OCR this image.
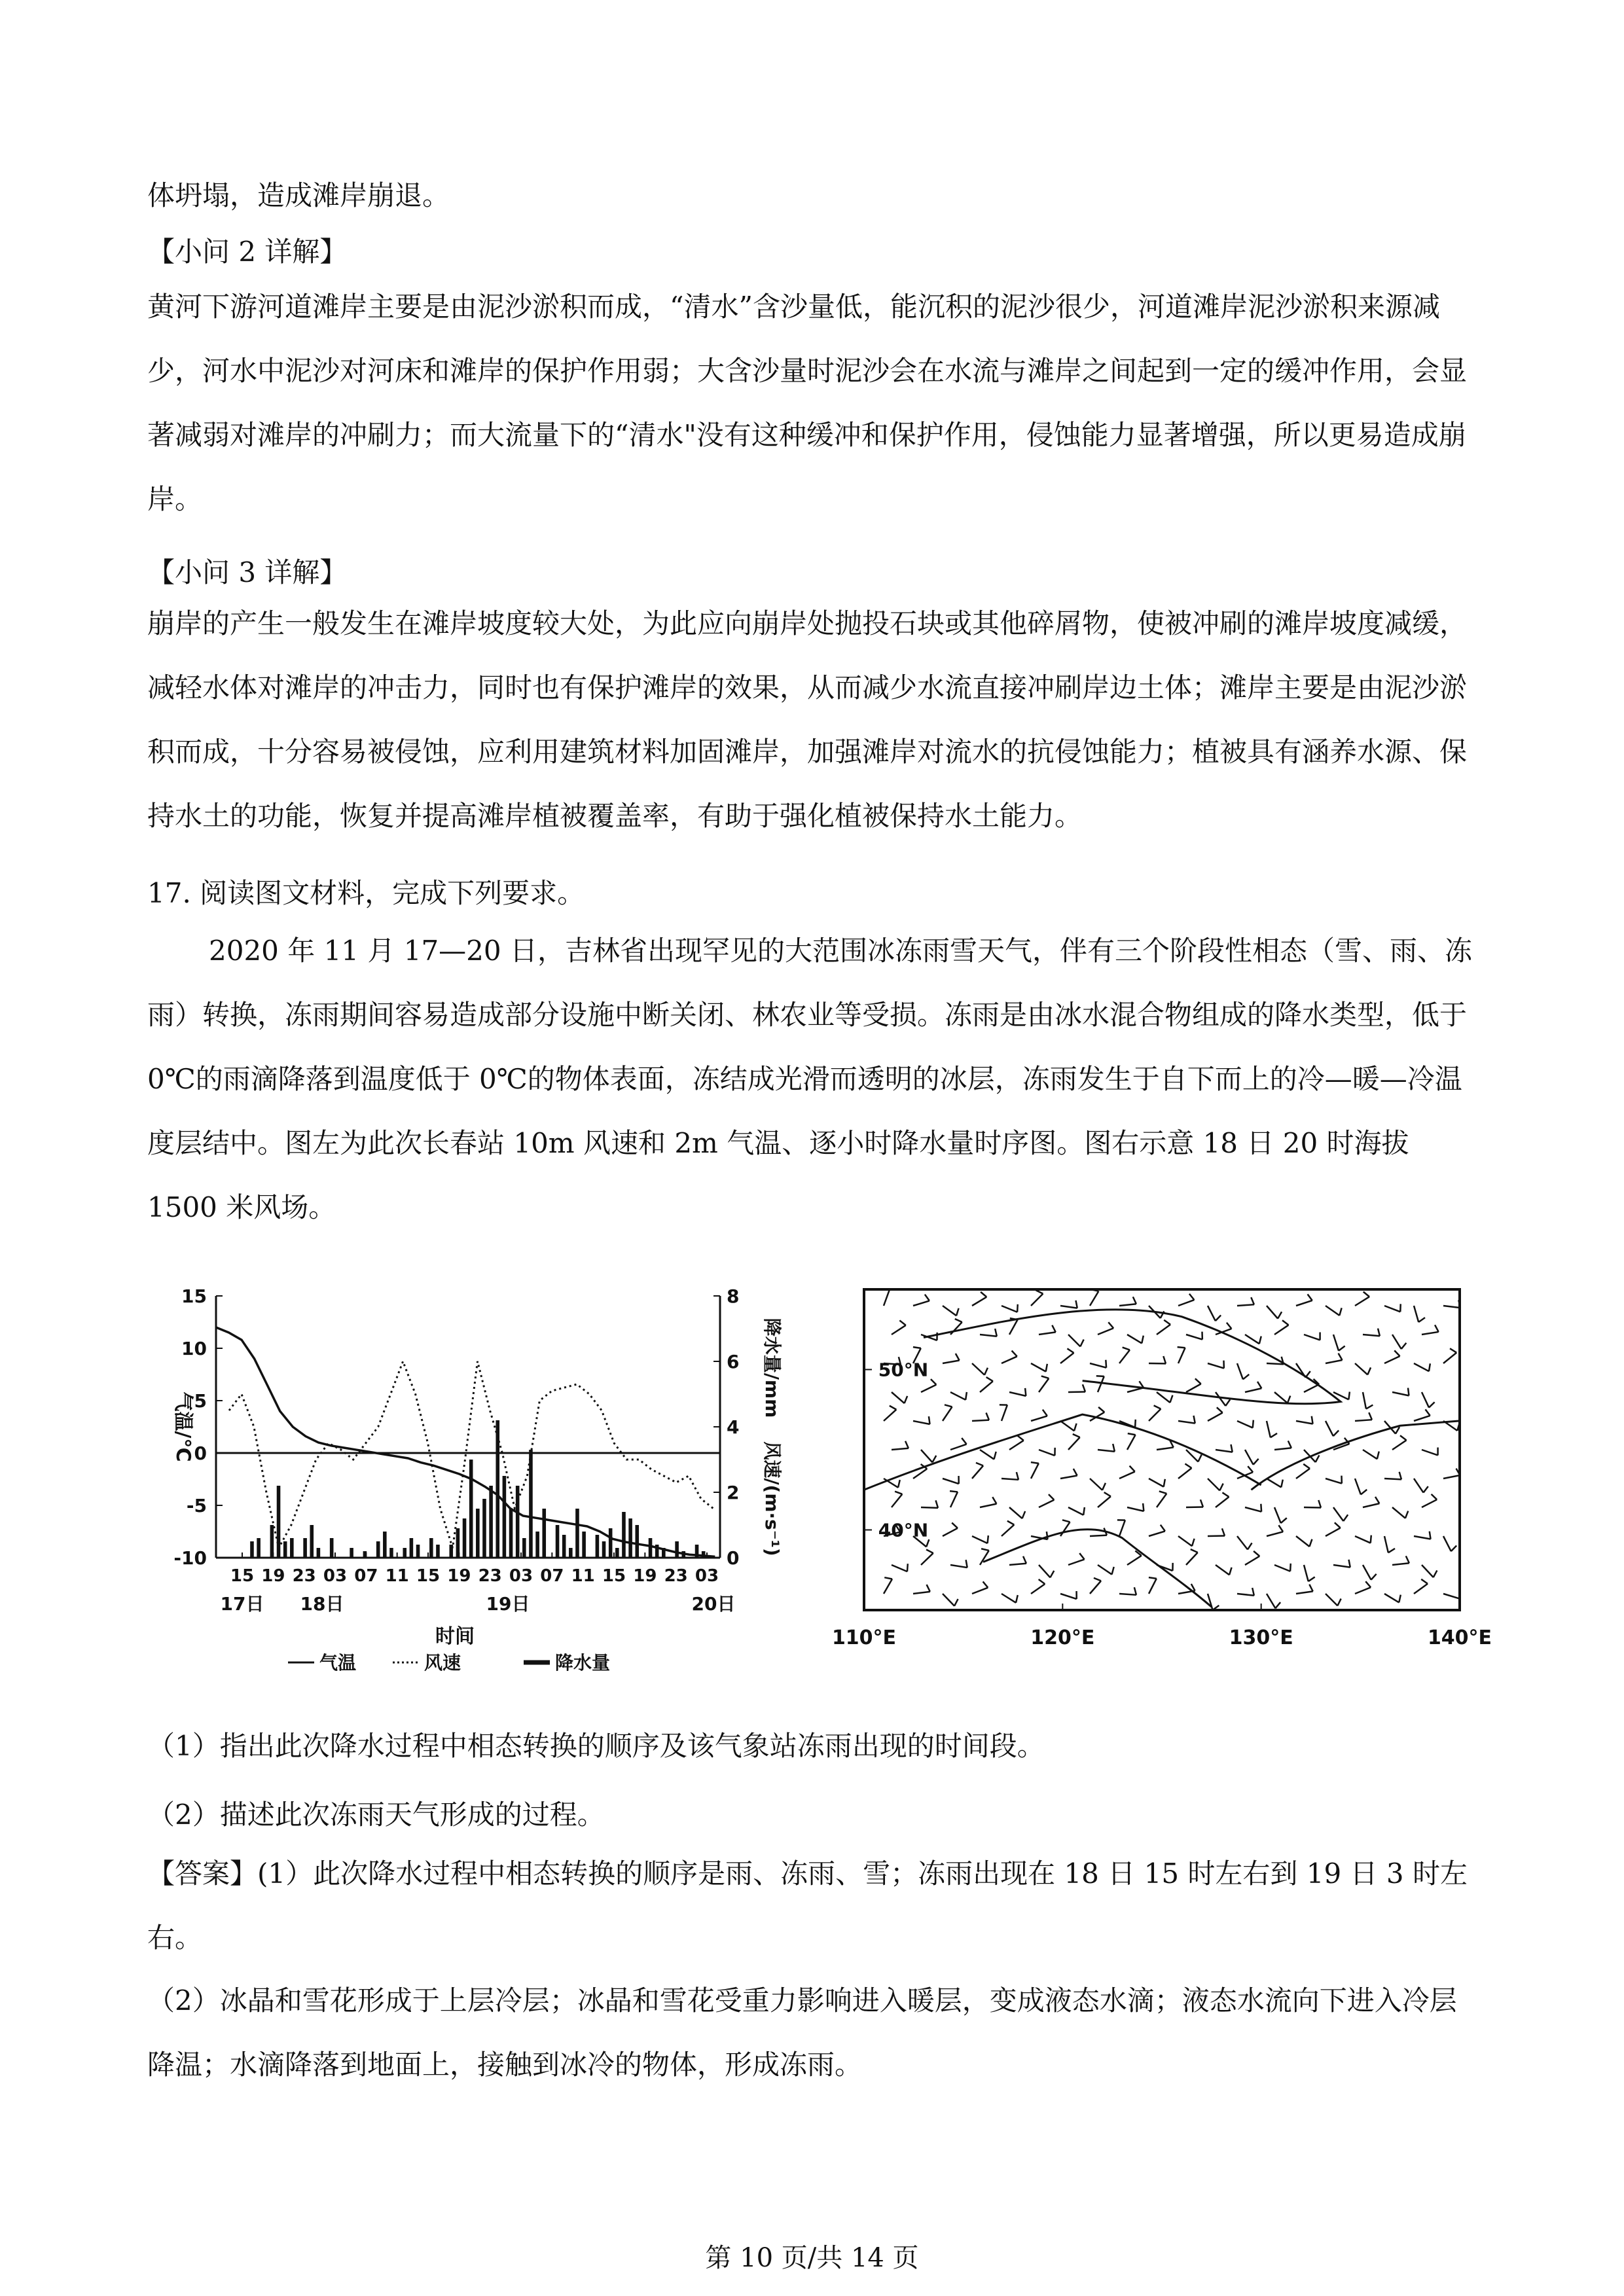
体坍塌，造成滩岸崩退。

【小问 2 详解】

黄河下游河道滩岸主要是由泥沙淤积而成，“清水”含沙量低，能沉积的泥沙很少，河道滩岸泥沙淤积来源减少，河水中泥沙对河床和滩岸的保护作用弱；大含沙量时泥沙会在水流与滩岸之间起到一定的缓冲作用，会显著减弱对滩岸的冲刷力；而大流量下的“清水"没有这种缓冲和保护作用，侵蚀能力显著增强，所以更易造成崩岸。

【小问 3 详解】

崩岸的产生一般发生在滩岸坡度较大处，为此应向崩岸处抛投石块或其他碎屑物，使被冲刷的滩岸坡度减缓，减轻水体对滩岸的冲击力，同时也有保护滩岸的效果，从而减少水流直接冲刷岸边土体；滩岸主要是由泥沙淤积而成，十分容易被侵蚀，应利用建筑材料加固滩岸，加强滩岸对流水的抗侵蚀能力；植被具有涵养水源、保持水土的功能，恢复并提高滩岸植被覆盖率，有助于强化植被保持水土能力。

17. 阅读图文材料，完成下列要求。

2020 年 11 月 17—20 日，吉林省出现罕见的大范围冰冻雨雪天气，伴有三个阶段性相态（雪、雨、冻雨）转换，冻雨期间容易造成部分设施中断关闭、林农业等受损。冻雨是由冰水混合物组成的降水类型，低于 0℃的雨滴降落到温度低于 0℃的物体表面，冻结成光滑而透明的冰层，冻雨发生于自下而上的冷—暖—冷温度层结中。图左为此次长春站 10m 风速和 2m 气温、逐小时降水量时序图。图右示意 18 日 20 时海拔 1500 米风场。

15
10
5
0
-5
-10
8
6
4
2
0
15 19 23 03 07 11 15 19 23 03 07 11 15 19 23 03
17日 18日	19日	20日
时间
气温/℃
降水量/mm
风速/(m·s⁻¹)
气温	风速	降水量
110°E	120°E	130°E	140°E
50°N
40°N

（1）指出此次降水过程中相态转换的顺序及该气象站冻雨出现的时间段。

（2）描述此次冻雨天气形成的过程。

【答案】(1）此次降水过程中相态转换的顺序是雨、冻雨、雪；冻雨出现在 18 日 15 时左右到 19 日 3 时左右。

（2）冰晶和雪花形成于上层冷层；冰晶和雪花受重力影响进入暖层，变成液态水滴；液态水流向下进入冷层降温；水滴降落到地面上，接触到冰冷的物体，形成冻雨。

第 10 页/共 14 页
